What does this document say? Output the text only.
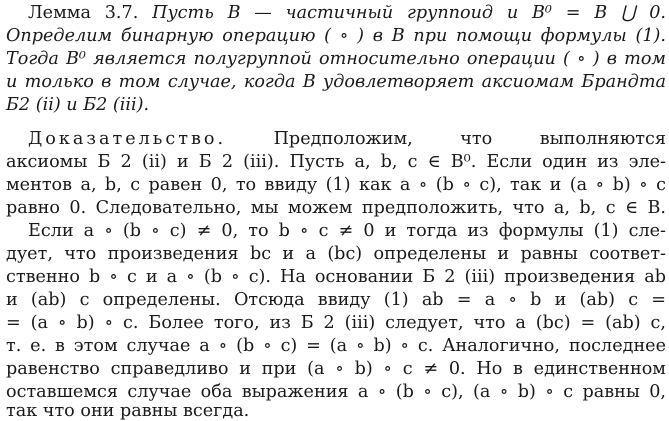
Лемма 3.7. Пусть B — частичный группоид и B⁰ = B ⋃ 0.
Определим бинарную операцию ( ∘ ) в B при помощи формулы (1).
Тогда B⁰ является полугруппой относительно операции ( ∘ ) в том
и только в том случае, когда B удовлетворяет аксиомам Брандта
Б2 (ii) и Б2 (iii).
Доказательство.	Предположим, что выполняются
аксиомы Б 2 (ii) и Б 2 (iii). Пусть a, b, c ∈ B⁰. Если один из эле-
ментов a, b, c равен 0, то ввиду (1) как a ∘ (b ∘ c), так и (a ∘ b) ∘ c
равно 0. Следовательно, мы можем предположить, что a, b, c ∈ B.
Если a ∘ (b ∘ c) ≠ 0, то b ∘ c ≠ 0 и тогда из формулы (1) сле-
дует, что произведения bc и a (bc) определены и равны соответ-
ственно b ∘ c и a ∘ (b ∘ c). На основании Б 2 (iii) произведения ab
и (ab) c определены. Отсюда ввиду (1) ab = a ∘ b и (ab) c =
= (a ∘ b) ∘ c. Более того, из Б 2 (iii) следует, что a (bc) = (ab) c,
т. е. в этом случае a ∘ (b ∘ c) = (a ∘ b) ∘ c. Аналогично, последнее
равенство справедливо и при (a ∘ b) ∘ c ≠ 0. Но в единственном
оставшемся случае оба выражения a ∘ (b ∘ c), (a ∘ b) ∘ c равны 0,
так что они равны всегда.
